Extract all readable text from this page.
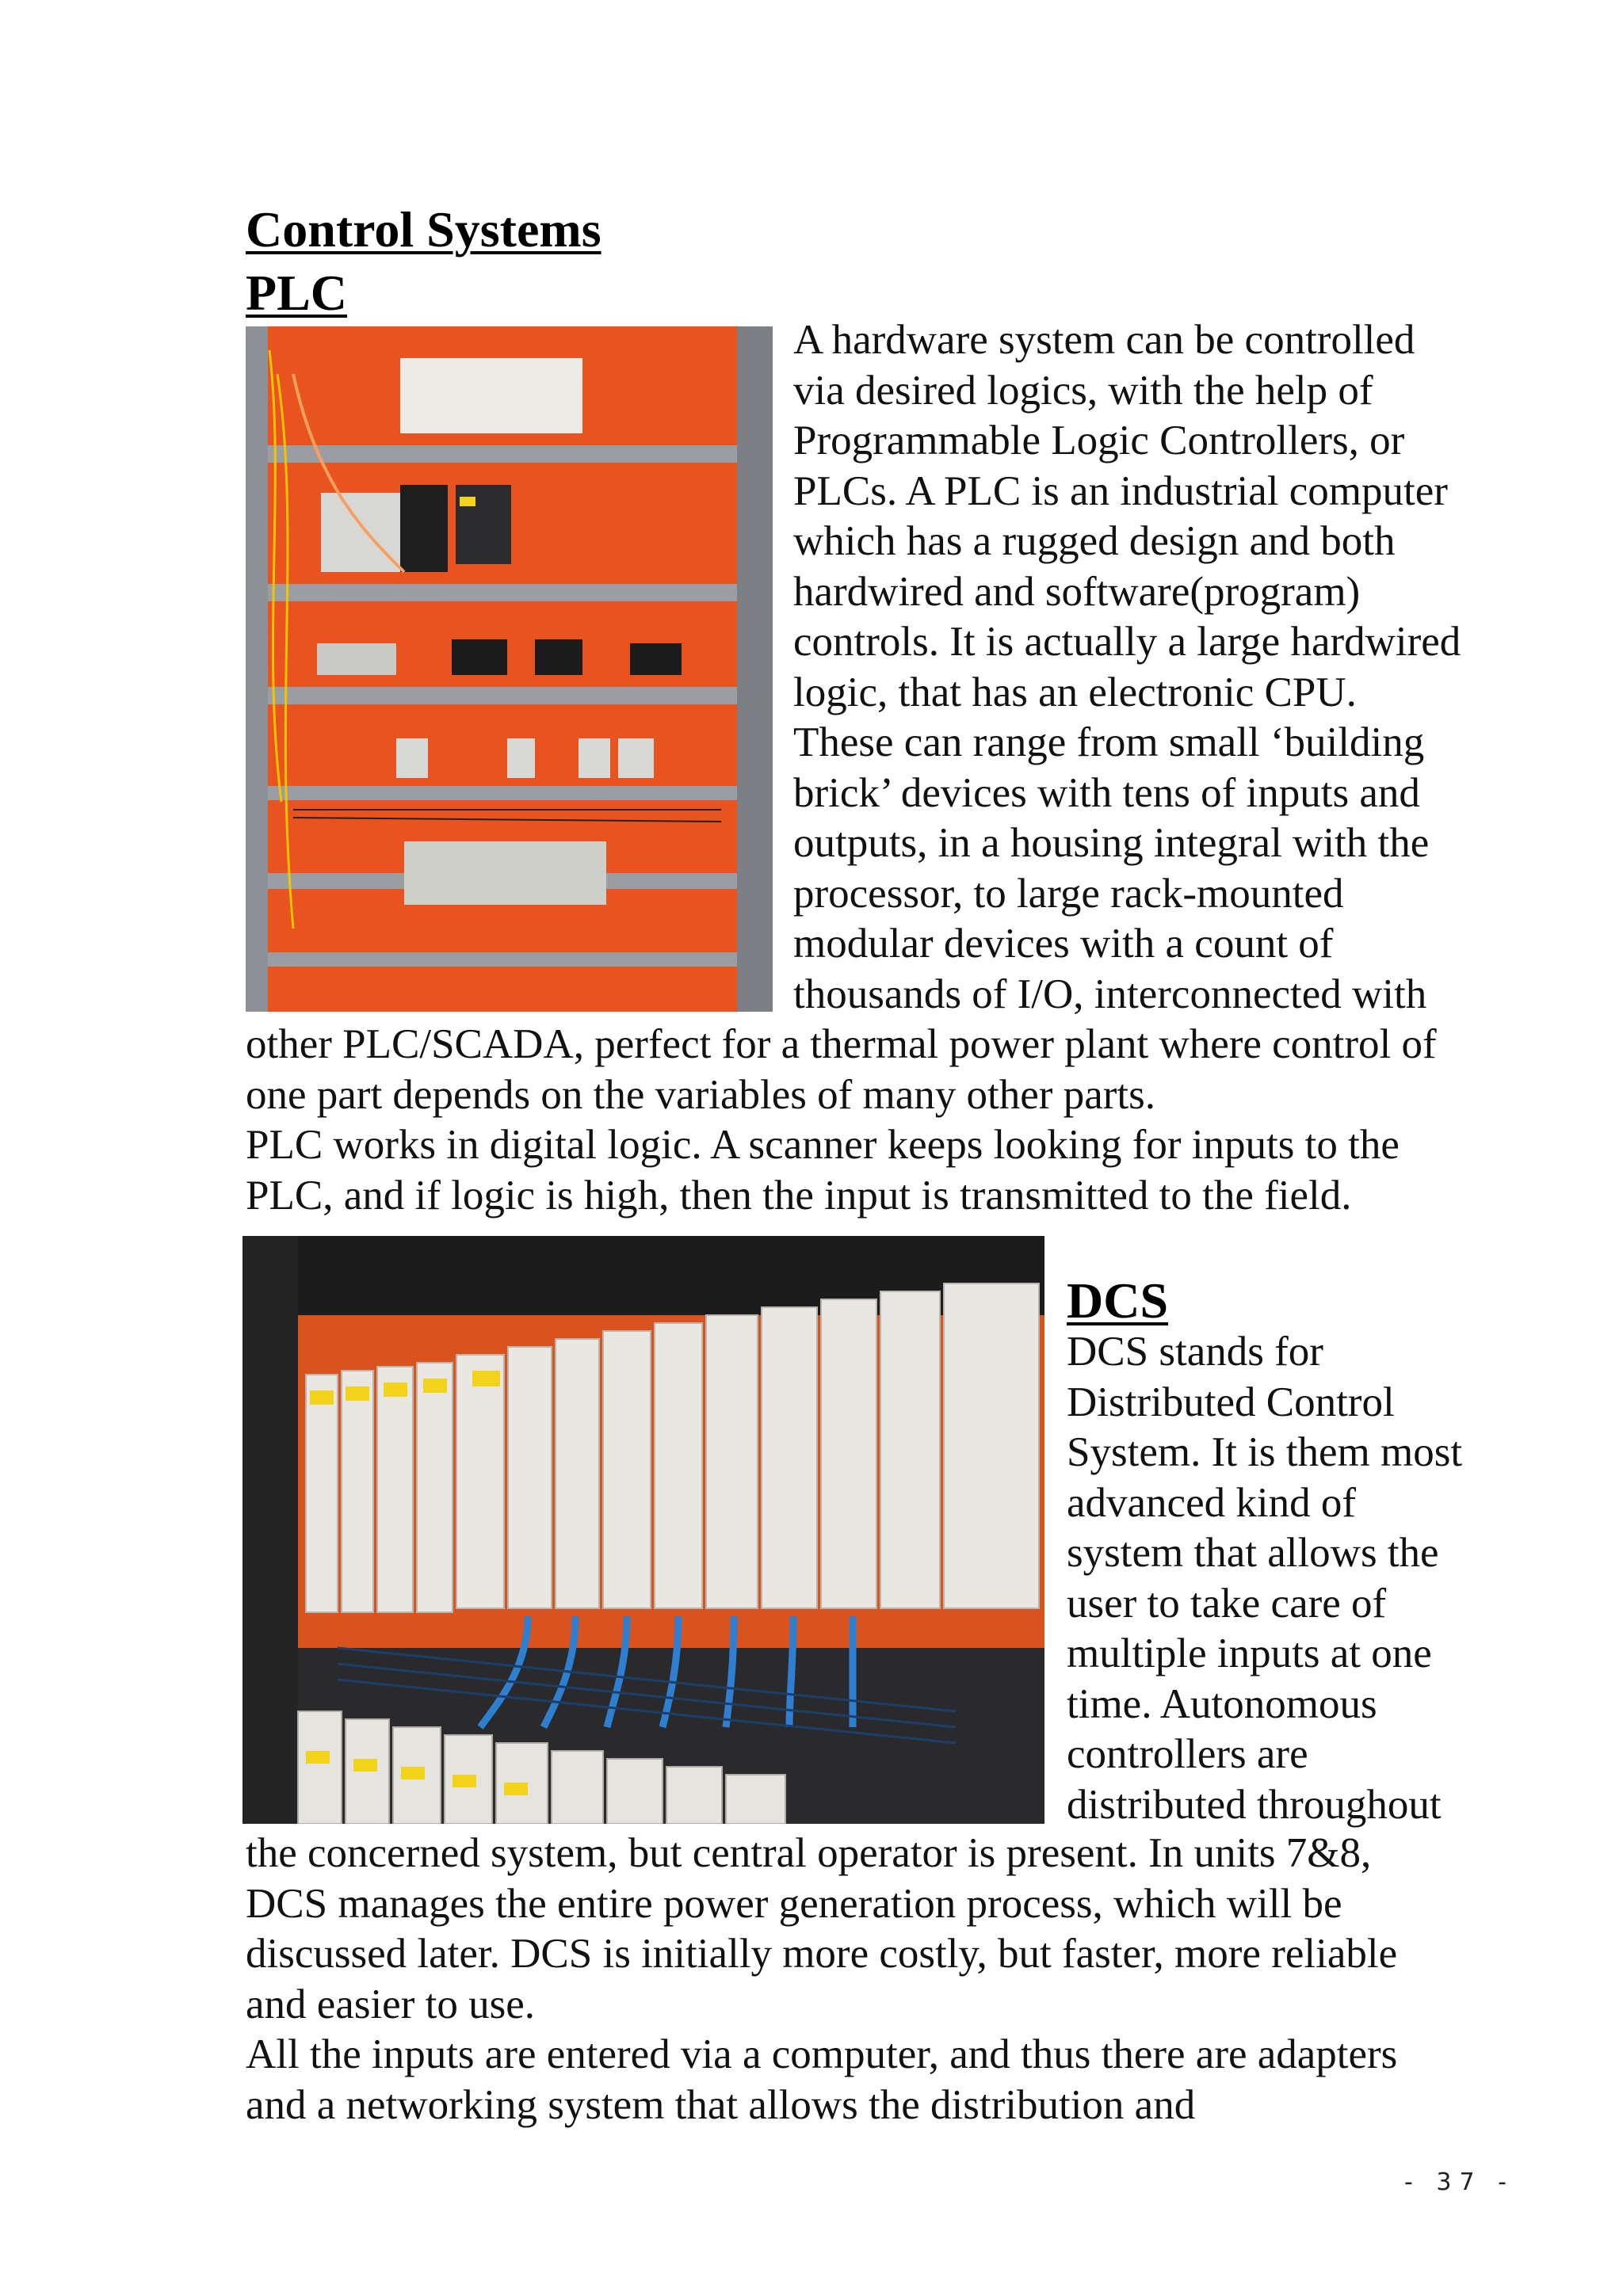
Control Systems
PLC
A hardware system can be controlled
via desired logics, with the help of
Programmable Logic Controllers, or
PLCs. A PLC is an industrial computer
which has a rugged design and both
hardwired and software(program)
controls. It is actually a large hardwired
logic, that has an electronic CPU.
These can range from small ‘building
brick’ devices with tens of inputs and
outputs, in a housing integral with the
processor, to large rack-mounted
modular devices with a count of
thousands of I/O, interconnected with
other PLC/SCADA, perfect for a thermal power plant where control of
one part depends on the variables of many other parts.
PLC works in digital logic. A scanner keeps looking for inputs to the
PLC, and if logic is high, then the input is transmitted to the field.
DCS
DCS stands for
Distributed Control
System. It is them most
advanced kind of
system that allows the
user to take care of
multiple inputs at one
time. Autonomous
controllers are
distributed throughout
the concerned system, but central operator is present. In units 7&8,
DCS manages the entire power generation process, which will be
discussed later. DCS is initially more costly, but faster, more reliable
and easier to use.
All the inputs are entered via a computer, and thus there are adapters
and a networking system that allows the distribution and
- 37 -
